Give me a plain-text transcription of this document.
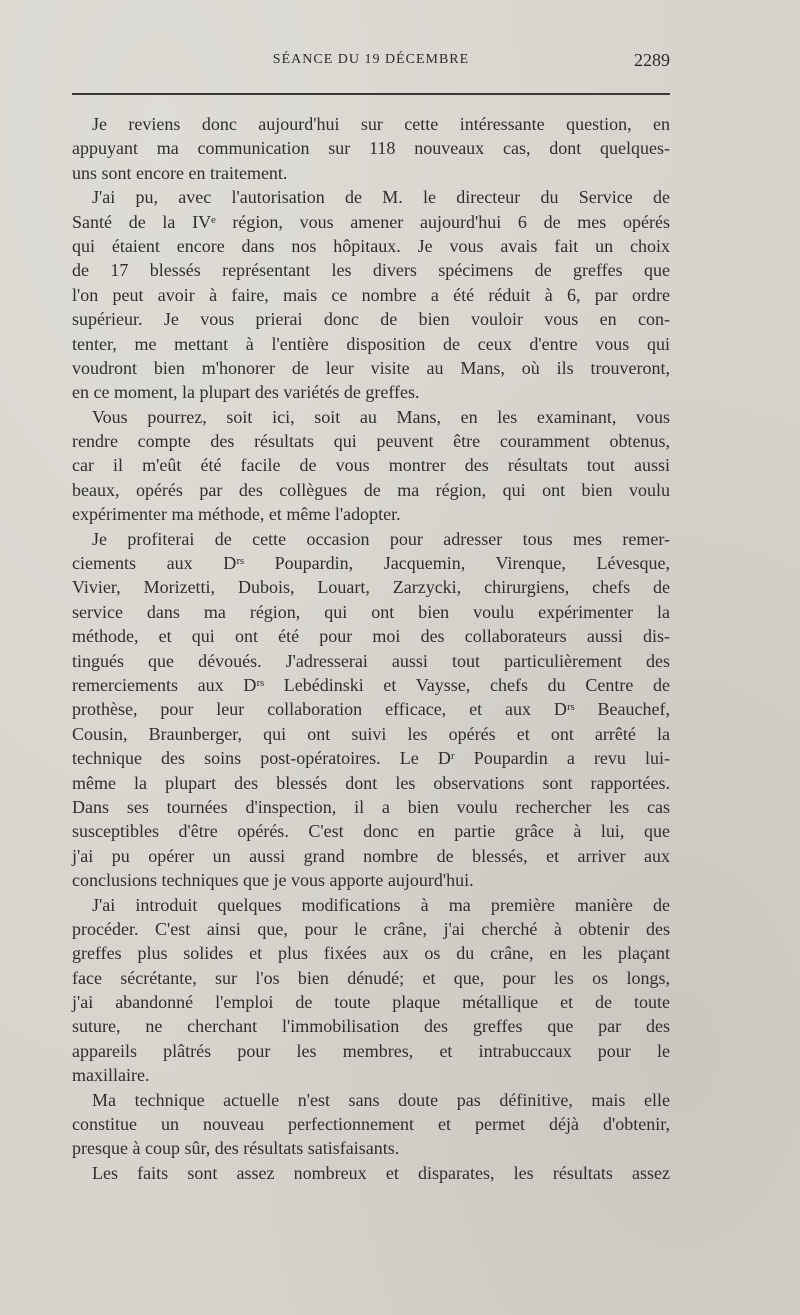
SÉANCE DU 19 DÉCEMBRE	2289
Je reviens donc aujourd'hui sur cette intéressante question, en
appuyant ma communication sur 118 nouveaux cas, dont quelques-
uns sont encore en traitement.
J'ai pu, avec l'autorisation de M. le directeur du Service de
Santé de la IVᵉ région, vous amener aujourd'hui 6 de mes opérés
qui étaient encore dans nos hôpitaux. Je vous avais fait un choix
de 17 blessés représentant les divers spécimens de greffes que
l'on peut avoir à faire, mais ce nombre a été réduit à 6, par ordre
supérieur. Je vous prierai donc de bien vouloir vous en con-
tenter, me mettant à l'entière disposition de ceux d'entre vous qui
voudront bien m'honorer de leur visite au Mans, où ils trouveront,
en ce moment, la plupart des variétés de greffes.
Vous pourrez, soit ici, soit au Mans, en les examinant, vous
rendre compte des résultats qui peuvent être couramment obtenus,
car il m'eût été facile de vous montrer des résultats tout aussi
beaux, opérés par des collègues de ma région, qui ont bien voulu
expérimenter ma méthode, et même l'adopter.
Je profiterai de cette occasion pour adresser tous mes remer-
ciements aux Dʳˢ Poupardin, Jacquemin, Virenque, Lévesque,
Vivier, Morizetti, Dubois, Louart, Zarzycki, chirurgiens, chefs de
service dans ma région, qui ont bien voulu expérimenter la
méthode, et qui ont été pour moi des collaborateurs aussi dis-
tingués que dévoués. J'adresserai aussi tout particulièrement des
remerciements aux Dʳˢ Lebédinski et Vaysse, chefs du Centre de
prothèse, pour leur collaboration efficace, et aux Dʳˢ Beauchef,
Cousin, Braunberger, qui ont suivi les opérés et ont arrêté la
technique des soins post-opératoires. Le Dʳ Poupardin a revu lui-
même la plupart des blessés dont les observations sont rapportées.
Dans ses tournées d'inspection, il a bien voulu rechercher les cas
susceptibles d'être opérés. C'est donc en partie grâce à lui, que
j'ai pu opérer un aussi grand nombre de blessés, et arriver aux
conclusions techniques que je vous apporte aujourd'hui.
J'ai introduit quelques modifications à ma première manière de
procéder. C'est ainsi que, pour le crâne, j'ai cherché à obtenir des
greffes plus solides et plus fixées aux os du crâne, en les plaçant
face sécrétante, sur l'os bien dénudé; et que, pour les os longs,
j'ai abandonné l'emploi de toute plaque métallique et de toute
suture, ne cherchant l'immobilisation des greffes que par des
appareils plâtrés pour les membres, et intrabuccaux pour le
maxillaire.
Ma technique actuelle n'est sans doute pas définitive, mais elle
constitue un nouveau perfectionnement et permet déjà d'obtenir,
presque à coup sûr, des résultats satisfaisants.
Les faits sont assez nombreux et disparates, les résultats assez
